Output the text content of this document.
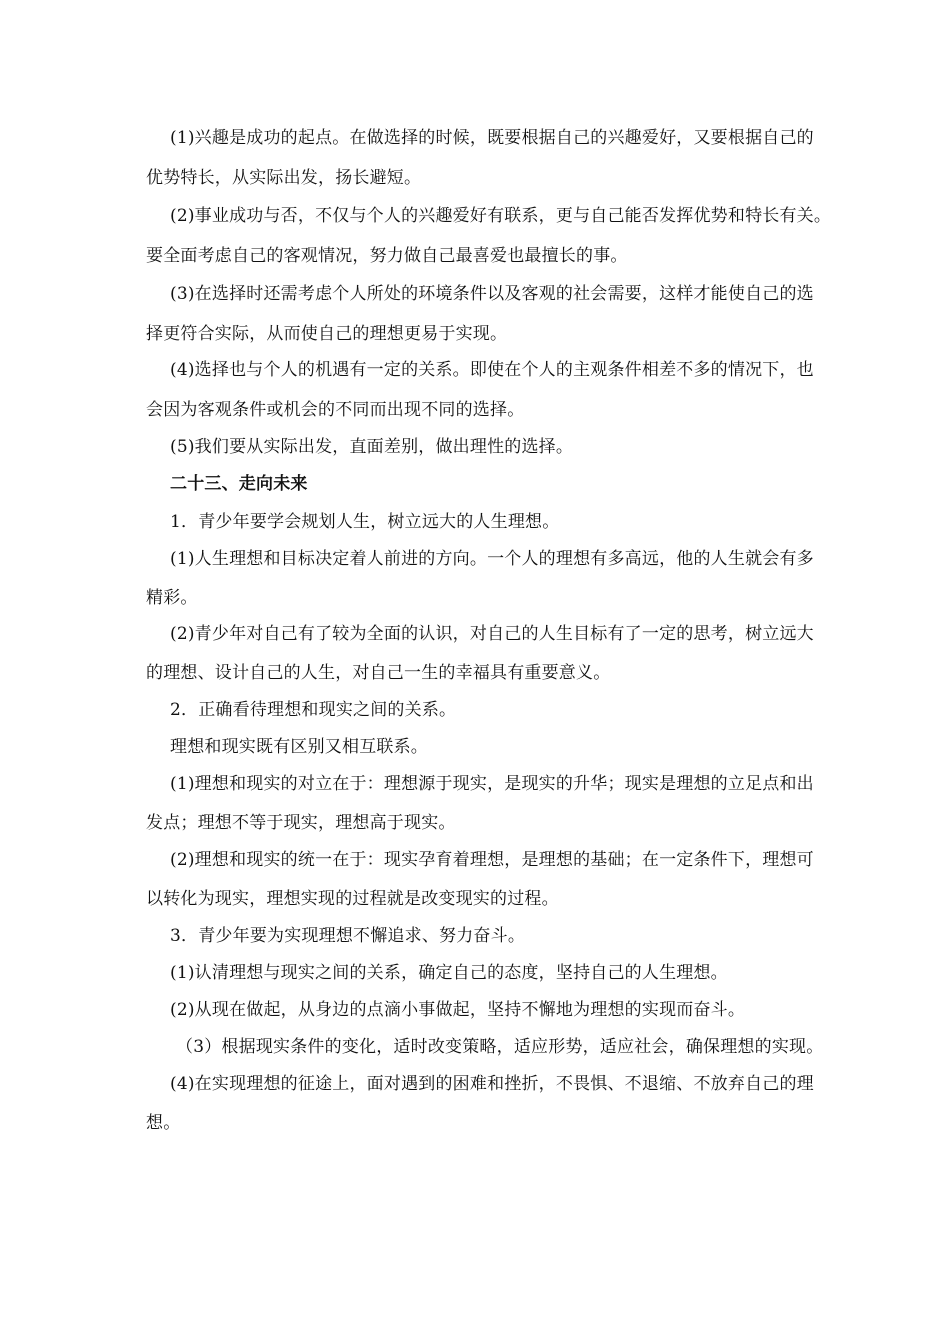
(1)兴趣是成功的起点。在做选择的时候，既要根据自己的兴趣爱好，又要根据自己的
优势特长，从实际出发，扬长避短。
(2)事业成功与否，不仅与个人的兴趣爱好有联系，更与自己能否发挥优势和特长有关。
要全面考虑自己的客观情况，努力做自己最喜爱也最擅长的事。
(3)在选择时还需考虑个人所处的环境条件以及客观的社会需要，这样才能使自己的选
择更符合实际，从而使自己的理想更易于实现。
(4)选择也与个人的机遇有一定的关系。即使在个人的主观条件相差不多的情况下，也
会因为客观条件或机会的不同而出现不同的选择。
(5)我们要从实际出发，直面差别，做出理性的选择。
二十三、走向未来
1．青少年要学会规划人生，树立远大的人生理想。
(1)人生理想和目标决定着人前进的方向。一个人的理想有多高远，他的人生就会有多
精彩。
(2)青少年对自己有了较为全面的认识，对自己的人生目标有了一定的思考，树立远大
的理想、设计自己的人生，对自己一生的幸福具有重要意义。
2．正确看待理想和现实之间的关系。
理想和现实既有区别又相互联系。
(1)理想和现实的对立在于：理想源于现实，是现实的升华；现实是理想的立足点和出
发点；理想不等于现实，理想高于现实。
(2)理想和现实的统一在于：现实孕育着理想，是理想的基础；在一定条件下，理想可
以转化为现实，理想实现的过程就是改变现实的过程。
3．青少年要为实现理想不懈追求、努力奋斗。
(1)认清理想与现实之间的关系，确定自己的态度，坚持自己的人生理想。
(2)从现在做起，从身边的点滴小事做起，坚持不懈地为理想的实现而奋斗。
（3）根据现实条件的变化，适时改变策略，适应形势，适应社会，确保理想的实现。
(4)在实现理想的征途上，面对遇到的困难和挫折，不畏惧、不退缩、不放弃自己的理
想。
